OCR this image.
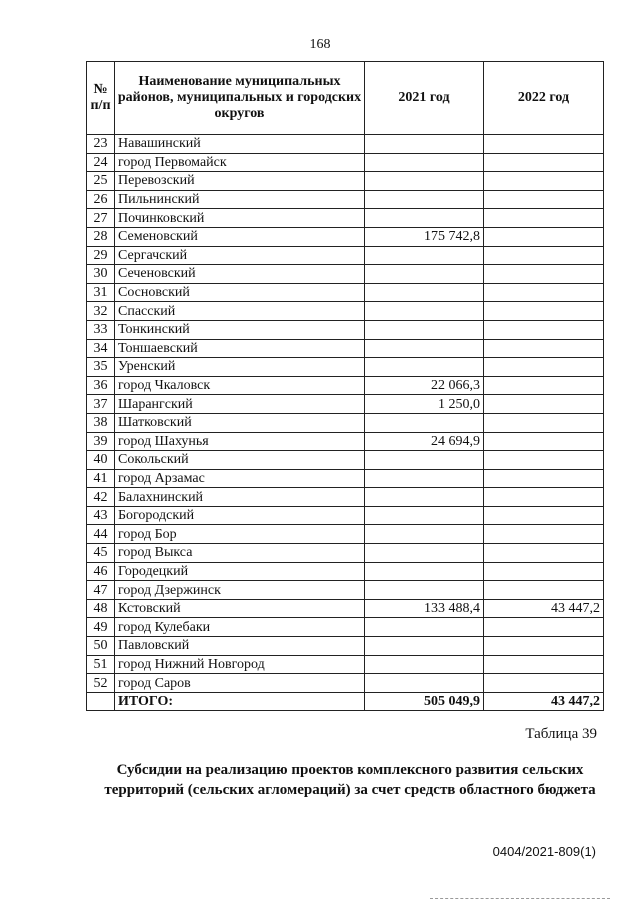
168
№ п/п	Наименование муниципальных районов, муниципальных и городских округов	2021 год	2022 год
23	Навашинский		
24	город Первомайск		
25	Перевозский		
26	Пильнинский		
27	Починковский		
28	Семеновский	175 742,8	
29	Сергачский		
30	Сеченовский		
31	Сосновский		
32	Спасский		
33	Тонкинский		
34	Тоншаевский		
35	Уренский		
36	город Чкаловск	22 066,3	
37	Шарангский	1 250,0	
38	Шатковский		
39	город Шахунья	24 694,9	
40	Сокольский		
41	город Арзамас		
42	Балахнинский		
43	Богородский		
44	город Бор		
45	город Выкса		
46	Городецкий		
47	город Дзержинск		
48	Кстовский	133 488,4	43 447,2
49	город Кулебаки		
50	Павловский		
51	город Нижний Новгород		
52	город Саров		
	ИТОГО:	505 049,9	43 447,2
Таблица 39
Субсидии на реализацию проектов комплексного развития сельских территорий (сельских агломераций) за счет средств областного бюджета
0404/2021-809(1)
